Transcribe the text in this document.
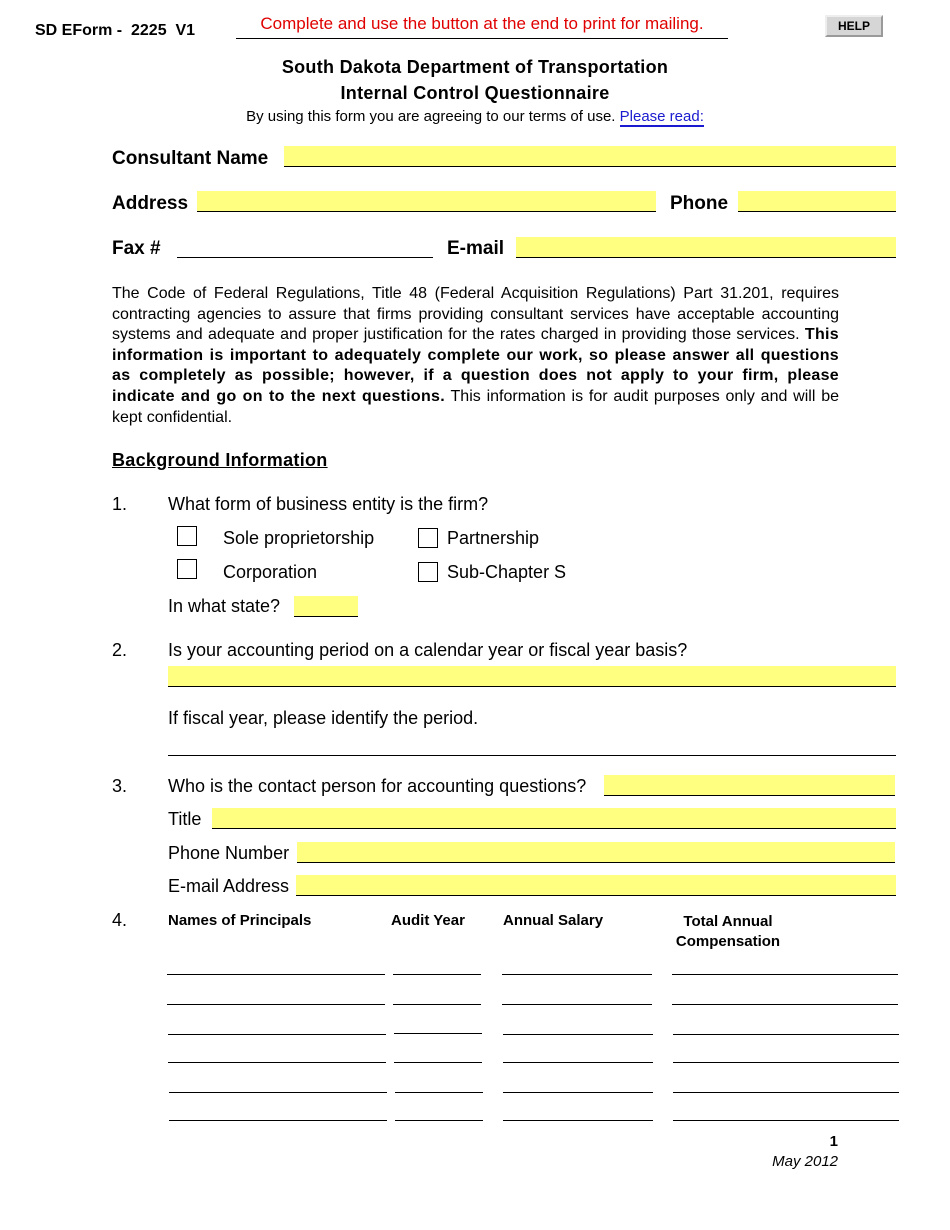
SD EForm -  2225  V1	Complete and use the button at the end to print for mailing.	HELP
South Dakota Department of Transportation
Internal Control Questionnaire
By using this form you are agreeing to our terms of use. Please read:
Consultant Name
Address	Phone
Fax #	E-mail
The Code of Federal Regulations, Title 48 (Federal Acquisition Regulations) Part 31.201, requires contracting agencies to assure that firms providing consultant services have acceptable accounting systems and adequate and proper justification for the rates charged in providing those services. This information is important to adequately complete our work, so please answer all questions as completely as possible; however, if a question does not apply to your firm, please indicate and go on to the next questions. This information is for audit purposes only and will be kept confidential.
Background Information
1. What form of business entity is the firm?
Sole proprietorship	Partnership
Corporation	Sub-Chapter S
In what state?
2. Is your accounting period on a calendar year or fiscal year basis?
If fiscal year, please identify the period.
3. Who is the contact person for accounting questions?
Title
Phone Number
E-mail Address
4.	Names of Principals	Audit Year	Annual Salary	Total Annual
Compensation
1
May 2012
